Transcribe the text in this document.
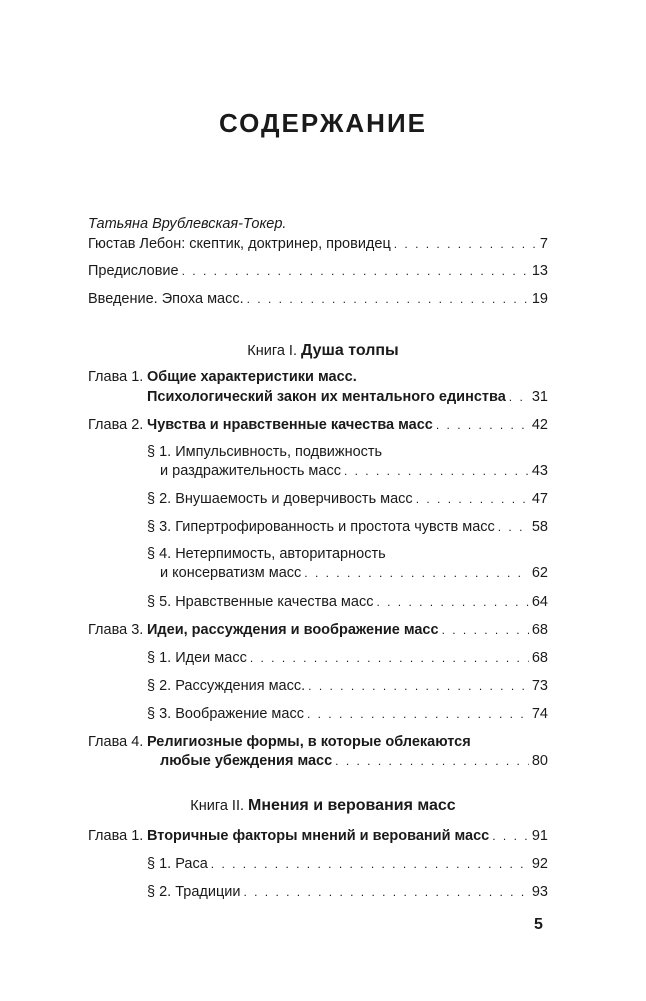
СОДЕРЖАНИЕ
Татьяна Врублевская-Токер.
Гюстав Лебон: скептик, доктринер, провидец . . .	7
Предисловие . . .	13
Введение. Эпоха масс. . . .	19
Книга I. Душа толпы
Глава 1. Общие характеристики масс.
Психологический закон их ментального единства . . . 31
Глава 2. Чувства и нравственные качества масс . . .	42
§ 1. Импульсивность, подвижность
и раздражительность масс . . .	43
§ 2. Внушаемость и доверчивость масс . . .	47
§ 3. Гипертрофированность и простота чувств масс . . .	58
§ 4. Нетерпимость, авторитарность
и консерватизм масс . . .	62
§ 5. Нравственные качества масс . . .	64
Глава 3. Идеи, рассуждения и воображение масс . . .	68
§ 1. Идеи масс . . .	68
§ 2. Рассуждения масс. . . .	73
§ 3. Воображение масс . . .	74
Глава 4. Религиозные формы, в которые облекаются
любые убеждения масс . . .	80
Книга II. Мнения и верования масс
Глава 1. Вторичные факторы мнений и верований масс . . .	91
§ 1. Раса . . .	92
§ 2. Традиции . . .	93
5
